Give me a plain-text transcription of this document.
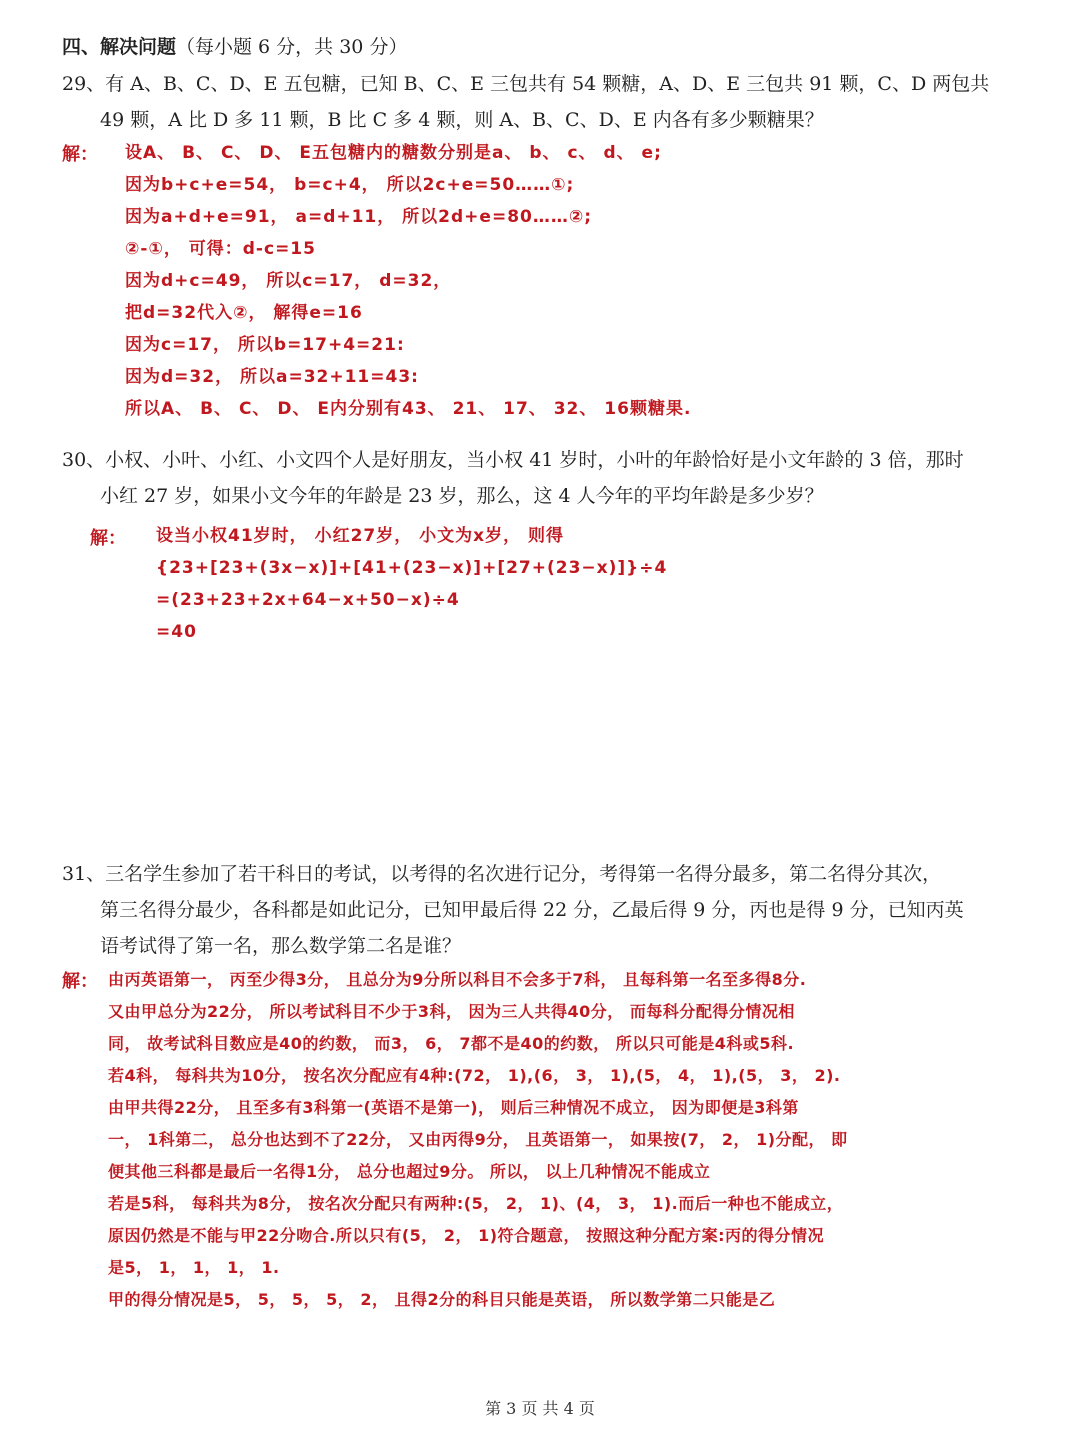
四、解决问题（每小题 6 分，共 30 分）
29、有 A、B、C、D、E 五包糖，已知 B、C、E 三包共有 54 颗糖，A、D、E 三包共 91 颗，C、D 两包共
49 颗，A 比 D 多 11 颗，B 比 C 多 4 颗，则 A、B、C、D、E 内各有多少颗糖果？
解： 设A、 B、 C、 D、 E五包糖内的糖数分别是a、 b、 c、 d、 e;
因为b+c+e=54， b=c+4， 所以2c+e=50……①;
因为a+d+e=91， a=d+11， 所以2d+e=80……②;
②-①， 可得：d-c=15
因为d+c=49， 所以c=17， d=32，
把d=32代入②， 解得e=16
因为c=17， 所以b=17+4=21:
因为d=32， 所以a=32+11=43:
所以A、 B、 C、 D、 E内分别有43、 21、 17、 32、 16颗糖果.
30、小权、小叶、小红、小文四个人是好朋友，当小权 41 岁时，小叶的年龄恰好是小文年龄的 3 倍，那时
小红 27 岁，如果小文今年的年龄是 23 岁，那么，这 4 人今年的平均年龄是多少岁？
解： 设当小权41岁时， 小红27岁， 小文为x岁， 则得
{23+[23+(3x−x)]+[41+(23−x)]+[27+(23−x)]}÷4
=(23+23+2x+64−x+50−x)÷4
=40
31、三名学生参加了若干科日的考试，以考得的名次进行记分，考得第一名得分最多，第二名得分其次，
第三名得分最少，各科都是如此记分，已知甲最后得 22 分，乙最后得 9 分，丙也是得 9 分，已知丙英
语考试得了第一名，那么数学第二名是谁？
解： 由丙英语第一， 丙至少得3分， 且总分为9分所以科目不会多于7科， 且每科第一名至多得8分.
又由甲总分为22分， 所以考试科目不少于3科， 因为三人共得40分， 而每科分配得分情况相
同， 故考试科目数应是40的约数， 而3， 6， 7都不是40的约数， 所以只可能是4科或5科.
若4科， 每科共为10分， 按名次分配应有4种:(72， 1),(6， 3， 1),(5， 4， 1),(5， 3， 2).
由甲共得22分， 且至多有3科第一(英语不是第一)， 则后三种情况不成立， 因为即便是3科第
一， 1科第二， 总分也达到不了22分， 又由丙得9分， 且英语第一， 如果按(7， 2， 1)分配， 即
便其他三科都是最后一名得1分， 总分也超过9分。 所以， 以上几种情况不能成立
若是5科， 每科共为8分， 按名次分配只有两种:(5， 2， 1)、(4， 3， 1).而后一种也不能成立，
原因仍然是不能与甲22分吻合.所以只有(5， 2， 1)符合题意， 按照这种分配方案:丙的得分情况
是5， 1， 1， 1， 1.
甲的得分情况是5， 5， 5， 5， 2， 且得2分的科目只能是英语， 所以数学第二只能是乙
第 3 页 共 4 页
